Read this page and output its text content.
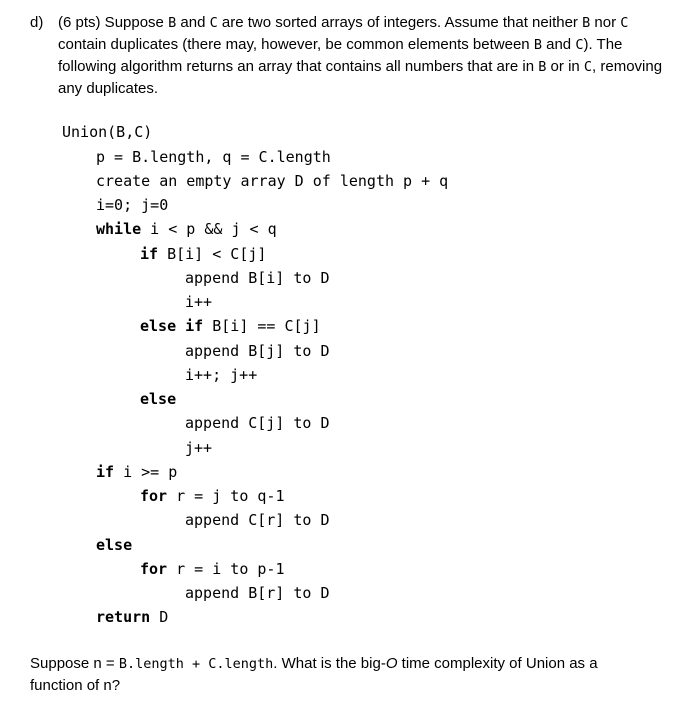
d) (6 pts) Suppose B and C are two sorted arrays of integers. Assume that neither B nor C contain duplicates (there may, however, be common elements between B and C). The following algorithm returns an array that contains all numbers that are in B or in C, removing any duplicates.
Union(B,C)
p = B.length, q = C.length
create an empty array D of length p + q
i=0; j=0
while i < p && j < q
if B[i] < C[j]
append B[i] to D
i++
else if B[i] == C[j]
append B[j] to D
i++; j++
else
append C[j] to D
j++
if i >= p
for r = j to q-1
append C[r] to D
else
for r = i to p-1
append B[r] to D
return D
Suppose n = B.length + C.length. What is the big-O time complexity of Union as a function of n?
